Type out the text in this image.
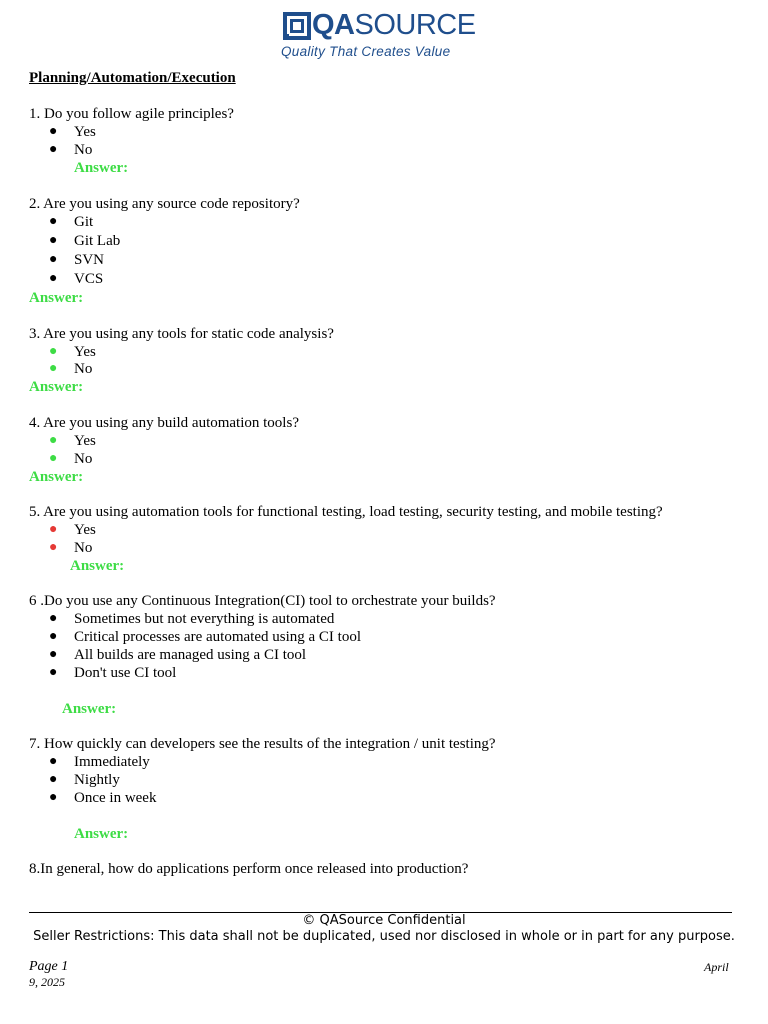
QASOURCE
Quality That Creates Value
Planning/Automation/Execution
1. Do you follow agile principles?
● Yes
● No
Answer:
2. Are you using any source code repository?
● Git
● Git Lab
● SVN
● VCS
Answer:
3. Are you using any tools for static code analysis?
● Yes
● No
Answer:
4. Are you using any build automation tools?
● Yes
● No
Answer:
5. Are you using automation tools for functional testing, load testing, security testing, and mobile testing?
● Yes
● No
Answer:
6 .Do you use any Continuous Integration(CI) tool to orchestrate your builds?
● Sometimes but not everything is automated
● Critical processes are automated using a CI tool
● All builds are managed using a CI tool
● Don't use CI tool
Answer:
7. How quickly can developers see the results of the integration / unit testing?
● Immediately
● Nightly
● Once in week
Answer:
8.In general, how do applications perform once released into production?
© QASource Confidential
Seller Restrictions: This data shall not be duplicated, used nor disclosed in whole or in part for any purpose.
Page 1	April
9, 2025
